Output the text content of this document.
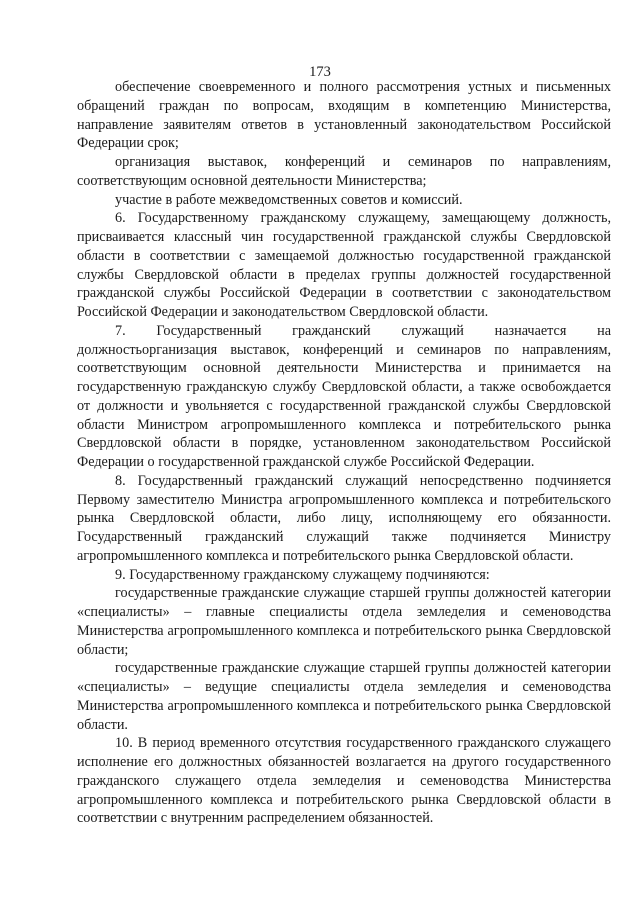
173

обеспечение своевременного и полного рассмотрения устных и письменных обращений граждан по вопросам, входящим в компетенцию Министерства, направление заявителям ответов в установленный законодательством Российской Федерации срок;

организация выставок, конференций и семинаров по направлениям, соответствующим основной деятельности Министерства;

участие в работе межведомственных советов и комиссий.

6. Государственному гражданскому служащему, замещающему должность, присваивается классный чин государственной гражданской службы Свердловской области в соответствии с замещаемой должностью государственной гражданской службы Свердловской области в пределах группы должностей государственной гражданской службы Российской Федерации в соответствии с законодательством Российской Федерации и законодательством Свердловской области.

7. Государственный гражданский служащий назначается на должностьорганизация выставок, конференций и семинаров по направлениям, соответствующим основной деятельности Министерства и принимается на государственную гражданскую службу Свердловской области, а также освобождается от должности и увольняется с государственной гражданской службы Свердловской области Министром агропромышленного комплекса и потребительского рынка Свердловской области в порядке, установленном законодательством Российской Федерации о государственной гражданской службе Российской Федерации.

8. Государственный гражданский служащий непосредственно подчиняется Первому заместителю Министра агропромышленного комплекса и потребительского рынка Свердловской области, либо лицу, исполняющему его обязанности. Государственный гражданский служащий также подчиняется Министру агропромышленного комплекса и потребительского рынка Свердловской области.

9. Государственному гражданскому служащему подчиняются:

государственные гражданские служащие старшей группы должностей категории «специалисты» – главные специалисты отдела земледелия и семеноводства Министерства агропромышленного комплекса и потребительского рынка Свердловской области;

государственные гражданские служащие старшей группы должностей категории «специалисты» – ведущие специалисты отдела земледелия и семеноводства Министерства агропромышленного комплекса и потребительского рынка Свердловской области.

10. В период временного отсутствия государственного гражданского служащего исполнение его должностных обязанностей возлагается на другого государственного гражданского служащего отдела земледелия и семеноводства Министерства агропромышленного комплекса и потребительского рынка Свердловской области в соответствии с внутренним распределением обязанностей.
